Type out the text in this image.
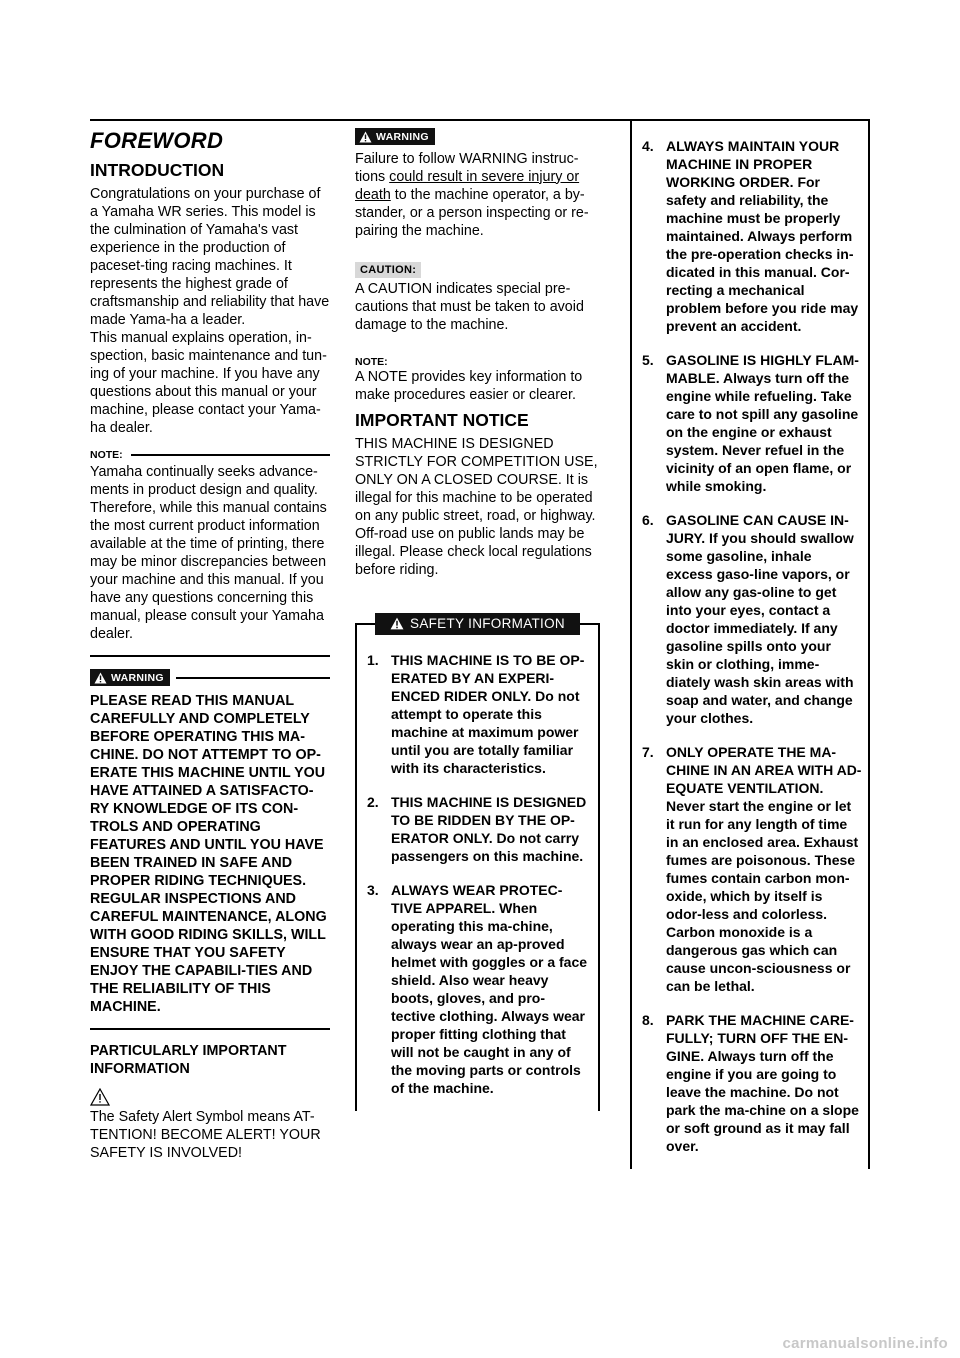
FOREWORD
INTRODUCTION

Congratulations on your purchase of a Yamaha WR series. This model is the culmination of Yamaha's vast experience in the production of paceset-ting racing machines. It represents the highest grade of craftsmanship and reliability that have made Yama-ha a leader.

This manual explains operation, in-spection, basic maintenance and tun-ing of your machine. If you have any questions about this manual or your machine, please contact your Yama-ha dealer.

NOTE:

Yamaha continually seeks advance-ments in product design and quality. Therefore, while this manual contains the most current product information available at the time of printing, there may be minor discrepancies between your machine and this manual. If you have any questions concerning this manual, please consult your Yamaha dealer.

WARNING

PLEASE READ THIS MANUAL CAREFULLY AND COMPLETELY BEFORE OPERATING THIS MA-CHINE. DO NOT ATTEMPT TO OP-ERATE THIS MACHINE UNTIL YOU HAVE ATTAINED A SATISFACTO-RY KNOWLEDGE OF ITS CON-TROLS AND OPERATING FEATURES AND UNTIL YOU HAVE BEEN TRAINED IN SAFE AND PROPER RIDING TECHNIQUES. REGULAR INSPECTIONS AND CAREFUL MAINTENANCE, ALONG WITH GOOD RIDING SKILLS, WILL ENSURE THAT YOU SAFETY ENJOY THE CAPABILI-TIES AND THE RELIABILITY OF THIS MACHINE.

PARTICULARLY IMPORTANT INFORMATION

The Safety Alert Symbol means AT-TENTION! BECOME ALERT! YOUR SAFETY IS INVOLVED!

WARNING

Failure to follow WARNING instruc-tions could result in severe injury or death to the machine operator, a by-stander, or a person inspecting or re-pairing the machine.

CAUTION:

A CAUTION indicates special pre-cautions that must be taken to avoid damage to the machine.

NOTE:

A NOTE provides key information to make procedures easier or clearer.

IMPORTANT NOTICE

THIS MACHINE IS DESIGNED STRICTLY FOR COMPETITION USE, ONLY ON A CLOSED COURSE. It is illegal for this machine to be operated on any public street, road, or highway. Off-road use on public lands may be illegal. Please check local regulations before riding.

SAFETY INFORMATION
1. THIS MACHINE IS TO BE OP-ERATED BY AN EXPERI-ENCED RIDER ONLY. Do not attempt to operate this machine at maximum power until you are totally familiar with its characteristics.
2. THIS MACHINE IS DESIGNED TO BE RIDDEN BY THE OP-ERATOR ONLY. Do not carry passengers on this machine.
3. ALWAYS WEAR PROTEC-TIVE APPAREL. When operating this ma-chine, always wear an ap-proved helmet with goggles or a face shield. Also wear heavy boots, gloves, and pro-tective clothing. Always wear proper fitting clothing that will not be caught in any of the moving parts or controls of the machine.
4. ALWAYS MAINTAIN YOUR MACHINE IN PROPER WORKING ORDER. For safety and reliability, the machine must be properly maintained. Always perform the pre-operation checks in-dicated in this manual. Cor-recting a mechanical problem before you ride may prevent an accident.
5. GASOLINE IS HIGHLY FLAM-MABLE. Always turn off the engine while refueling. Take care to not spill any gasoline on the engine or exhaust system. Never refuel in the vicinity of an open flame, or while smoking.
6. GASOLINE CAN CAUSE IN-JURY. If you should swallow some gasoline, inhale excess gaso-line vapors, or allow any gas-oline to get into your eyes, contact a doctor immediately. If any gasoline spills onto your skin or clothing, imme-diately wash skin areas with soap and water, and change your clothes.
7. ONLY OPERATE THE MA-CHINE IN AN AREA WITH AD-EQUATE VENTILATION. Never start the engine or let it run for any length of time in an enclosed area. Exhaust fumes are poisonous. These fumes contain carbon mon-oxide, which by itself is odor-less and colorless. Carbon monoxide is a dangerous gas which can cause uncon-sciousness or can be lethal.
8. PARK THE MACHINE CARE-FULLY; TURN OFF THE EN-GINE. Always turn off the engine if you are going to leave the machine. Do not park the ma-chine on a slope or soft ground as it may fall over.
carmanualsonline.info
